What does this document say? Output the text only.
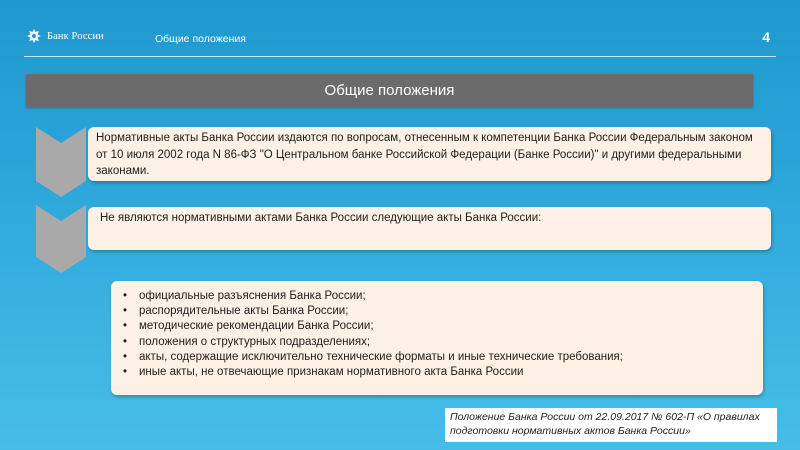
Банк России	Общие положения	4
Общие положения

Нормативные акты Банка России издаются по вопросам, отнесенным к компетенции Банка России Федеральным законом от 10 июля 2002 года N 86-ФЗ "О Центральном банке Российской Федерации (Банке России)" и другими федеральными законами.

Не являются нормативными актами Банка России следующие акты Банка России:

• официальные разъяснения Банка России;
• распорядительные акты Банка России;
• методические рекомендации Банка России;
• положения о структурных подразделениях;
• акты, содержащие исключительно технические форматы и иные технические требования;
• иные акты, не отвечающие признакам нормативного акта Банка России
Положение Банка России от 22.09.2017 № 602-П «О правилах подготовки нормативных актов Банка России»
